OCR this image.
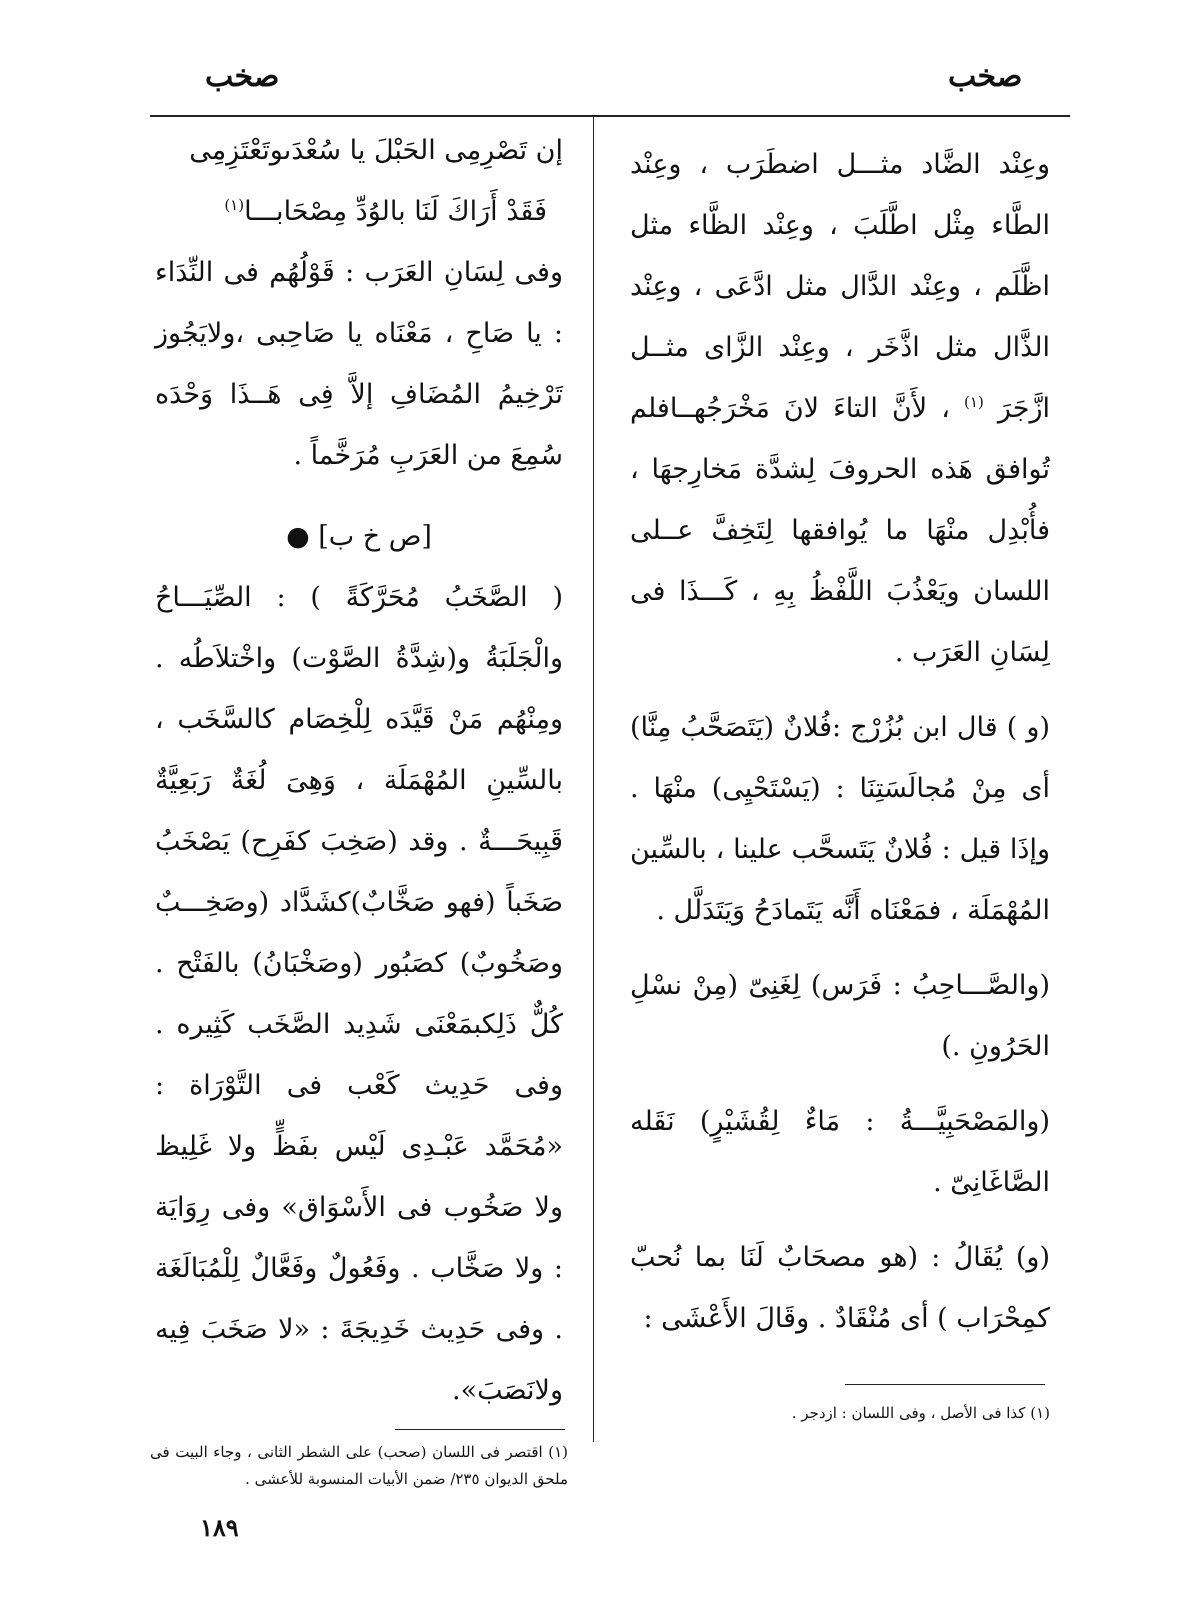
صخب	صخب

وعِنْد الضَّاد مثـــل اضطَرَب ، وعِنْد الطَّاء مِثْل اطَّلَبَ ، وعِنْد الظَّاء مثل اظَّلَم ، وعِنْد الدَّال مثل ادَّعَى ، وعِنْد الذَّال مثل اذَّخَر ، وعِنْد الزَّاى مثــل ازَّجَرَ $^{(١)}$ ، لأَنَّ التاءَ لانَ مَخْرَجُهــافلم تُوافق هَذه الحروفَ لِشدَّة مَخارِجهَا ، فأُبْدِل منْهَا ما يُوافقها لِتَخِفَّ عــلى اللسان ويَعْذُبَ اللَّفْظُ بِهِ ، كَـــذَا فى لِسَانِ العَرَب .

(و ) قال ابن بُزُرْج :فُلانٌ (يَتَصَحَّبُ مِنَّا) أى مِنْ مُجالَسَتِنَا : (يَسْتَحْيِى) منْهَا . وإذَا قيل : فُلانٌ يَتَسحَّب علينا ، بالسِّين المُهْمَلَة ، فمَعْنَاه أَنَّه يَتَمادَحُ وَيَتَدَلَّل .

(والصَّـــاحِبُ : فَرَس) لِغَنِىّ (مِنْ نسْلِ الحَرُونِ .)

(والمَصْحَبِيَّـــةُ : مَاءٌ لِقُشَيْرٍ) نَقَله الصَّاغَانِىّ .

(و) يُقَالُ : (هو مصحَابٌ لَنَا بما نُحبّ كمِحْرَاب ) أى مُنْقَادٌ . وقَالَ الأَعْشَى :

إن تَصْرِمِى الحَبْلَ يا سُعْدَىوتَعْتَزِمِى

فَقَدْ أَرَاكَ لَنَا بالوُدِّ مِصْحَابـــا$^{(١)}$

وفى لِسَانِ العَرَب : قَوْلُهُم فى النِّدَاء : يا صَاحِ ، مَعْنَاه يا صَاحِبى ،ولايَجُوز تَرْخِيمُ المُضَافِ إلاَّ فِى هَــذَا وَحْدَه سُمِعَ من العَرَبِ مُرَخَّماً .

[ص خ ب] ●

( الصَّخَبُ مُحَرَّكَةً ) : الصِّيَـــاحُ والْجَلَبَةُ و(شِدَّةُ الصَّوْت) واخْتلاَطُه . ومِنْهُم مَنْ قَيَّدَه لِلْخِصَام كالسَّخَب ، بالسِّينِ المُهْمَلَة ، وَهِىَ لُغَةٌ رَبَعِيَّةٌ قَبِيحَـــةٌ . وقد (صَخِبَ كفَرِح) يَصْخَبُ صَخَباً (فهو صَخَّابٌ)كشَدَّاد (وصَخِـــبٌ وصَخُوبٌ) كصَبُور (وصَخْبَانُ) بالفَتْح . كُلٌّ ذَلِكبمَعْنَى شَدِيد الصَّخَب كَثِيره . وفى حَدِيث كَعْب فى التَّوْرَاة : «مُحَمَّد عَبْـدِى لَيْس بفَظٍّ ولا غَلِيظ ولا صَخُوب فى الأَسْوَاق» وفى رِوَايَة : ولا صَخَّاب . وفَعُولٌ وفَعَّالٌ لِلْمُبَالَغَة . وفى حَدِيث خَدِيجَةَ : «لا صَخَبَ فِيه ولانَصَبَ».

(١) كذا فى الأصل ، وفى اللسان : ازدجر .
(١) اقتصر فى اللسان (صحب) على الشطر الثانى ، وجاء البيت فى ملحق الديوان ٢٣٥/ ضمن الأبيات المنسوبة للأعشى .
١٨٩
